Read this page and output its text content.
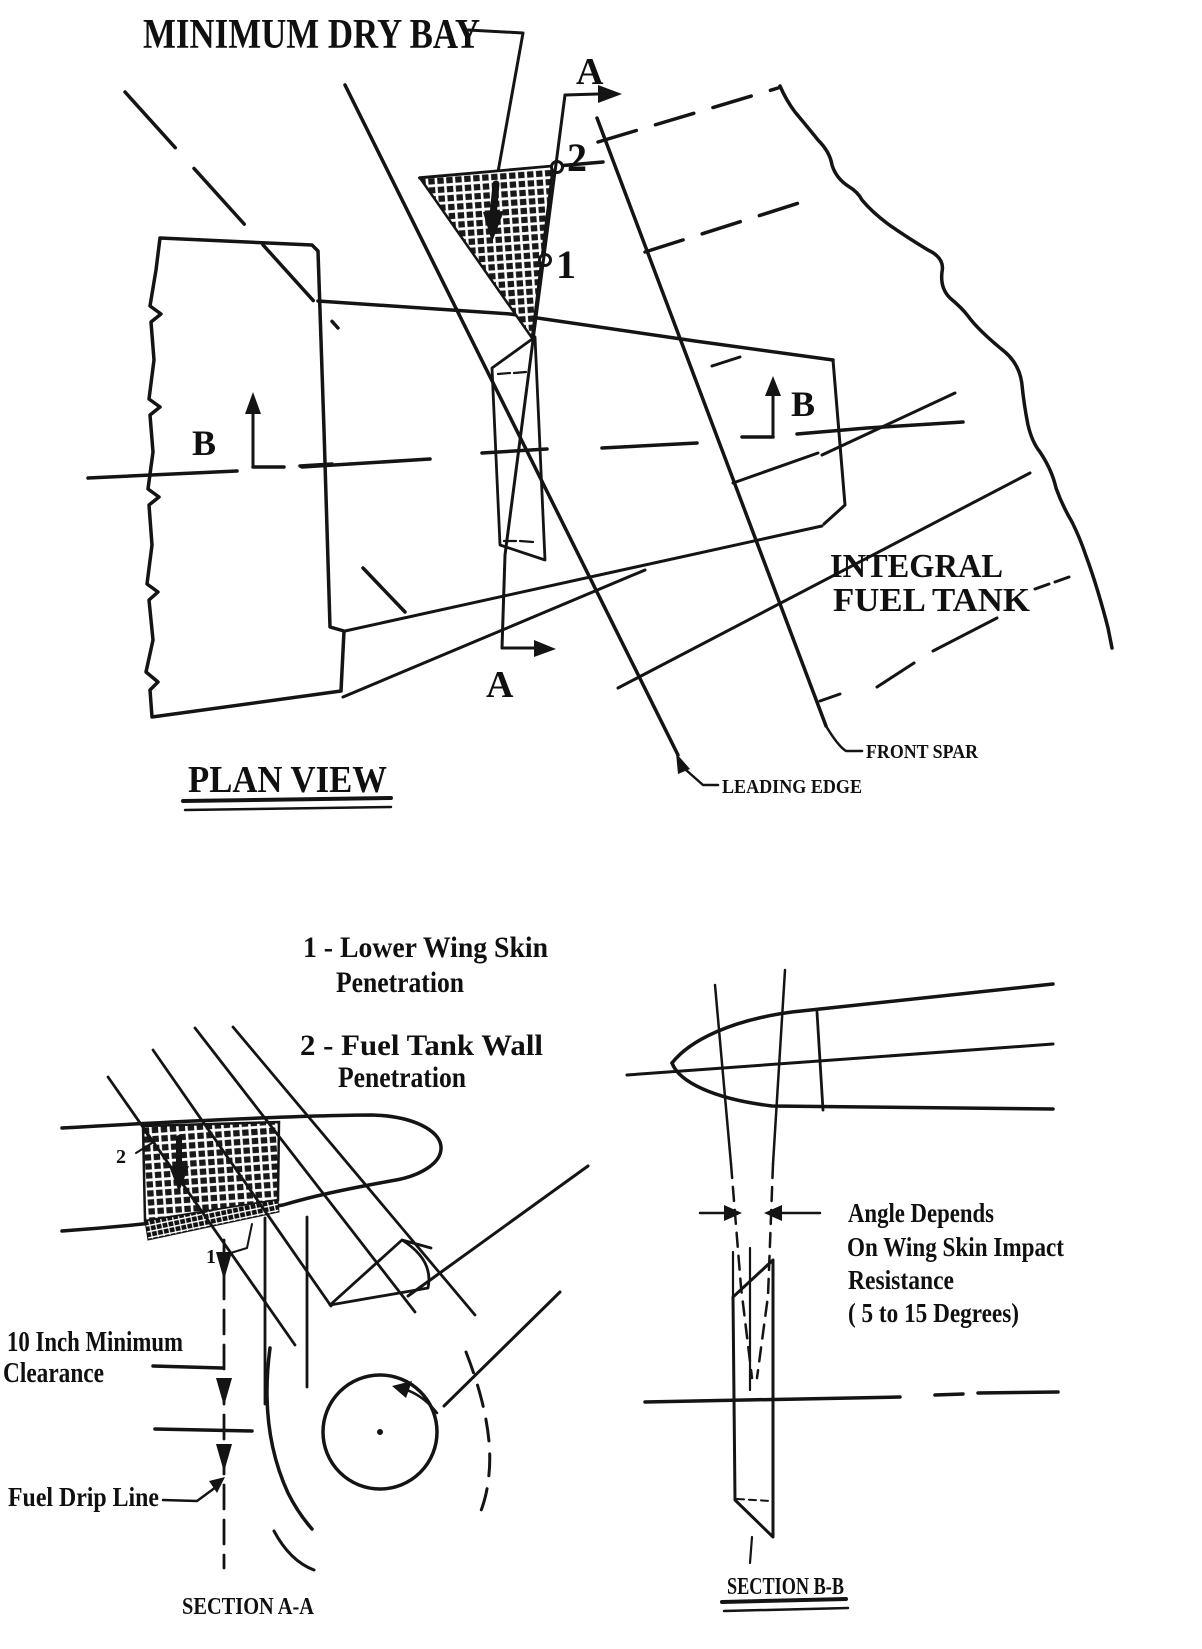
MINIMUM DRY BAY
2
1
A
A
B
B
LEADING EDGE
FRONT SPAR
INTEGRAL
FUEL TANK
PLAN VIEW
1 - Lower Wing Skin
Penetration
2 - Fuel Tank Wall
Penetration
2
1
10 Inch Minimum
Clearance
Fuel Drip Line
SECTION A-A
Angle Depends
On Wing Skin Impact
Resistance
( 5 to 15 Degrees)
SECTION B-B
